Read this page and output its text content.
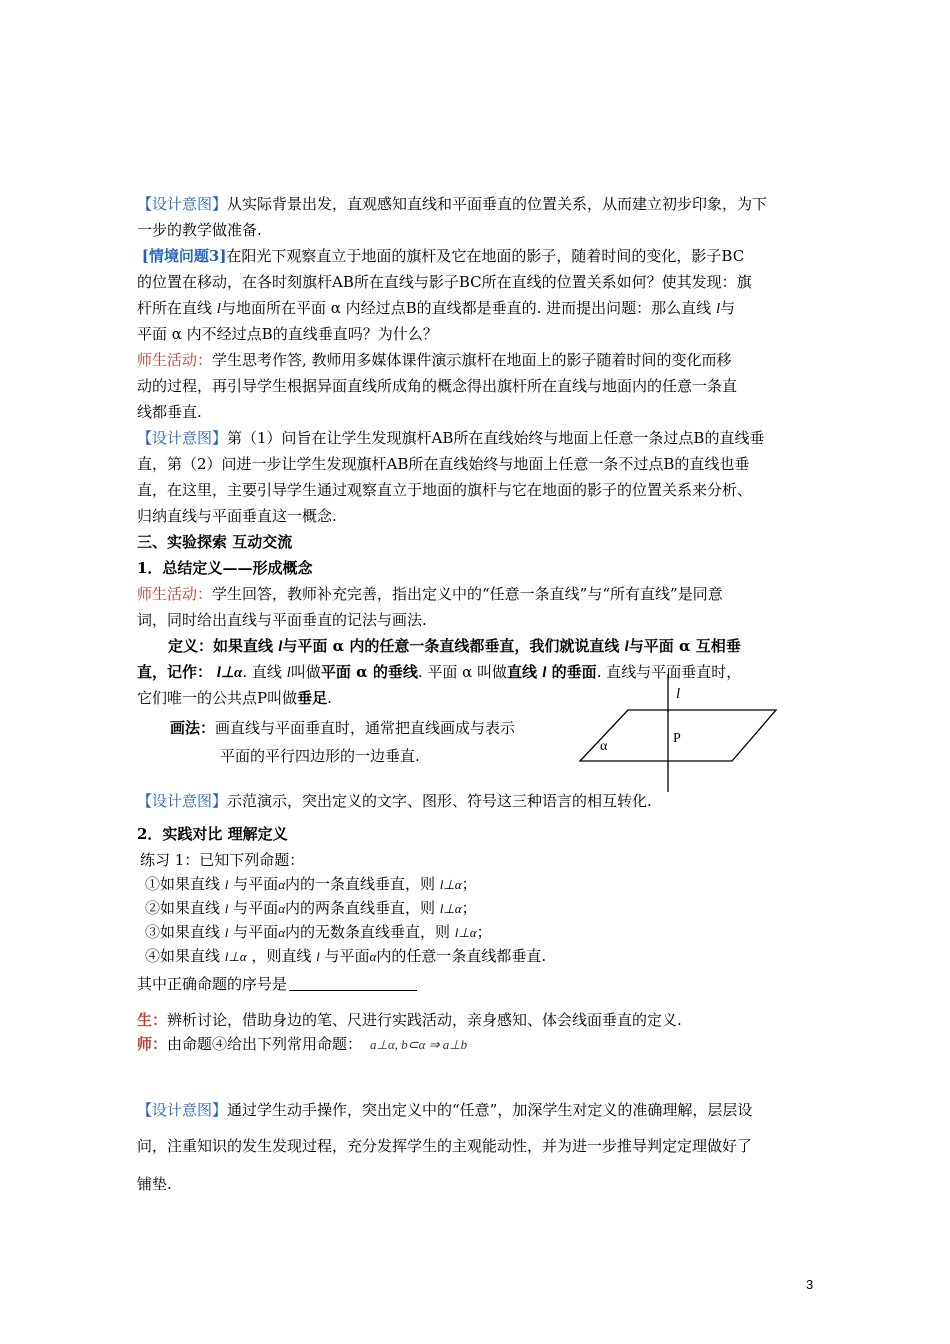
【设计意图】从实际背景出发，直观感知直线和平面垂直的位置关系，从而建立初步印象，为下
一步的教学做准备.
[情境问题3]在阳光下观察直立于地面的旗杆及它在地面的影子，随着时间的变化，影子BC
的位置在移动，在各时刻旗杆AB所在直线与影子BC所在直线的位置关系如何？使其发现：旗
杆所在直线 l与地面所在平面 α 内经过点B的直线都是垂直的. 进而提出问题：那么直线 l与
平面 α 内不经过点B的直线垂直吗？为什么？
师生活动：学生思考作答, 教师用多媒体课件演示旗杆在地面上的影子随着时间的变化而移
动的过程，再引导学生根据异面直线所成角的概念得出旗杆所在直线与地面内的任意一条直
线都垂直.
【设计意图】第（1）问旨在让学生发现旗杆AB所在直线始终与地面上任意一条过点B的直线垂
直，第（2）问进一步让学生发现旗杆AB所在直线始终与地面上任意一条不过点B的直线也垂
直，在这里，主要引导学生通过观察直立于地面的旗杆与它在地面的影子的位置关系来分析、
归纳直线与平面垂直这一概念.
三、实验探索 互动交流
1．总结定义——形成概念
师生活动：学生回答，教师补充完善，指出定义中的“任意一条直线”与“所有直线”是同意
词，同时给出直线与平面垂直的记法与画法.
定义：如果直线 l与平面 α 内的任意一条直线都垂直，我们就说直线 l与平面 α 互相垂
直，记作： l⊥α. 直线 l叫做平面 α 的垂线. 平面 α 叫做直线 l 的垂面. 直线与平面垂直时，
它们唯一的公共点P叫做垂足.
画法：画直线与平面垂直时，通常把直线画成与表示
平面的平行四边形的一边垂直.
l
P
α
【设计意图】示范演示，突出定义的文字、图形、符号这三种语言的相互转化.
2．实践对比 理解定义
练习 1：已知下列命题：
①如果直线 l 与平面α内的一条直线垂直，则 l⊥α；
②如果直线 l 与平面α内的两条直线垂直，则 l⊥α；
③如果直线 l 与平面α内的无数条直线垂直，则 l⊥α；
④如果直线 l⊥α ，则直线 l 与平面α内的任意一条直线都垂直.
其中正确命题的序号是
生：辨析讨论，借助身边的笔、尺进行实践活动，亲身感知、体会线面垂直的定义.
师：由命题④给出下列常用命题： a⊥α, b⊂α ⇒ a⊥b
【设计意图】通过学生动手操作，突出定义中的“任意”，加深学生对定义的准确理解，层层设
问，注重知识的发生发现过程，充分发挥学生的主观能动性，并为进一步推导判定定理做好了
铺垫.
3
